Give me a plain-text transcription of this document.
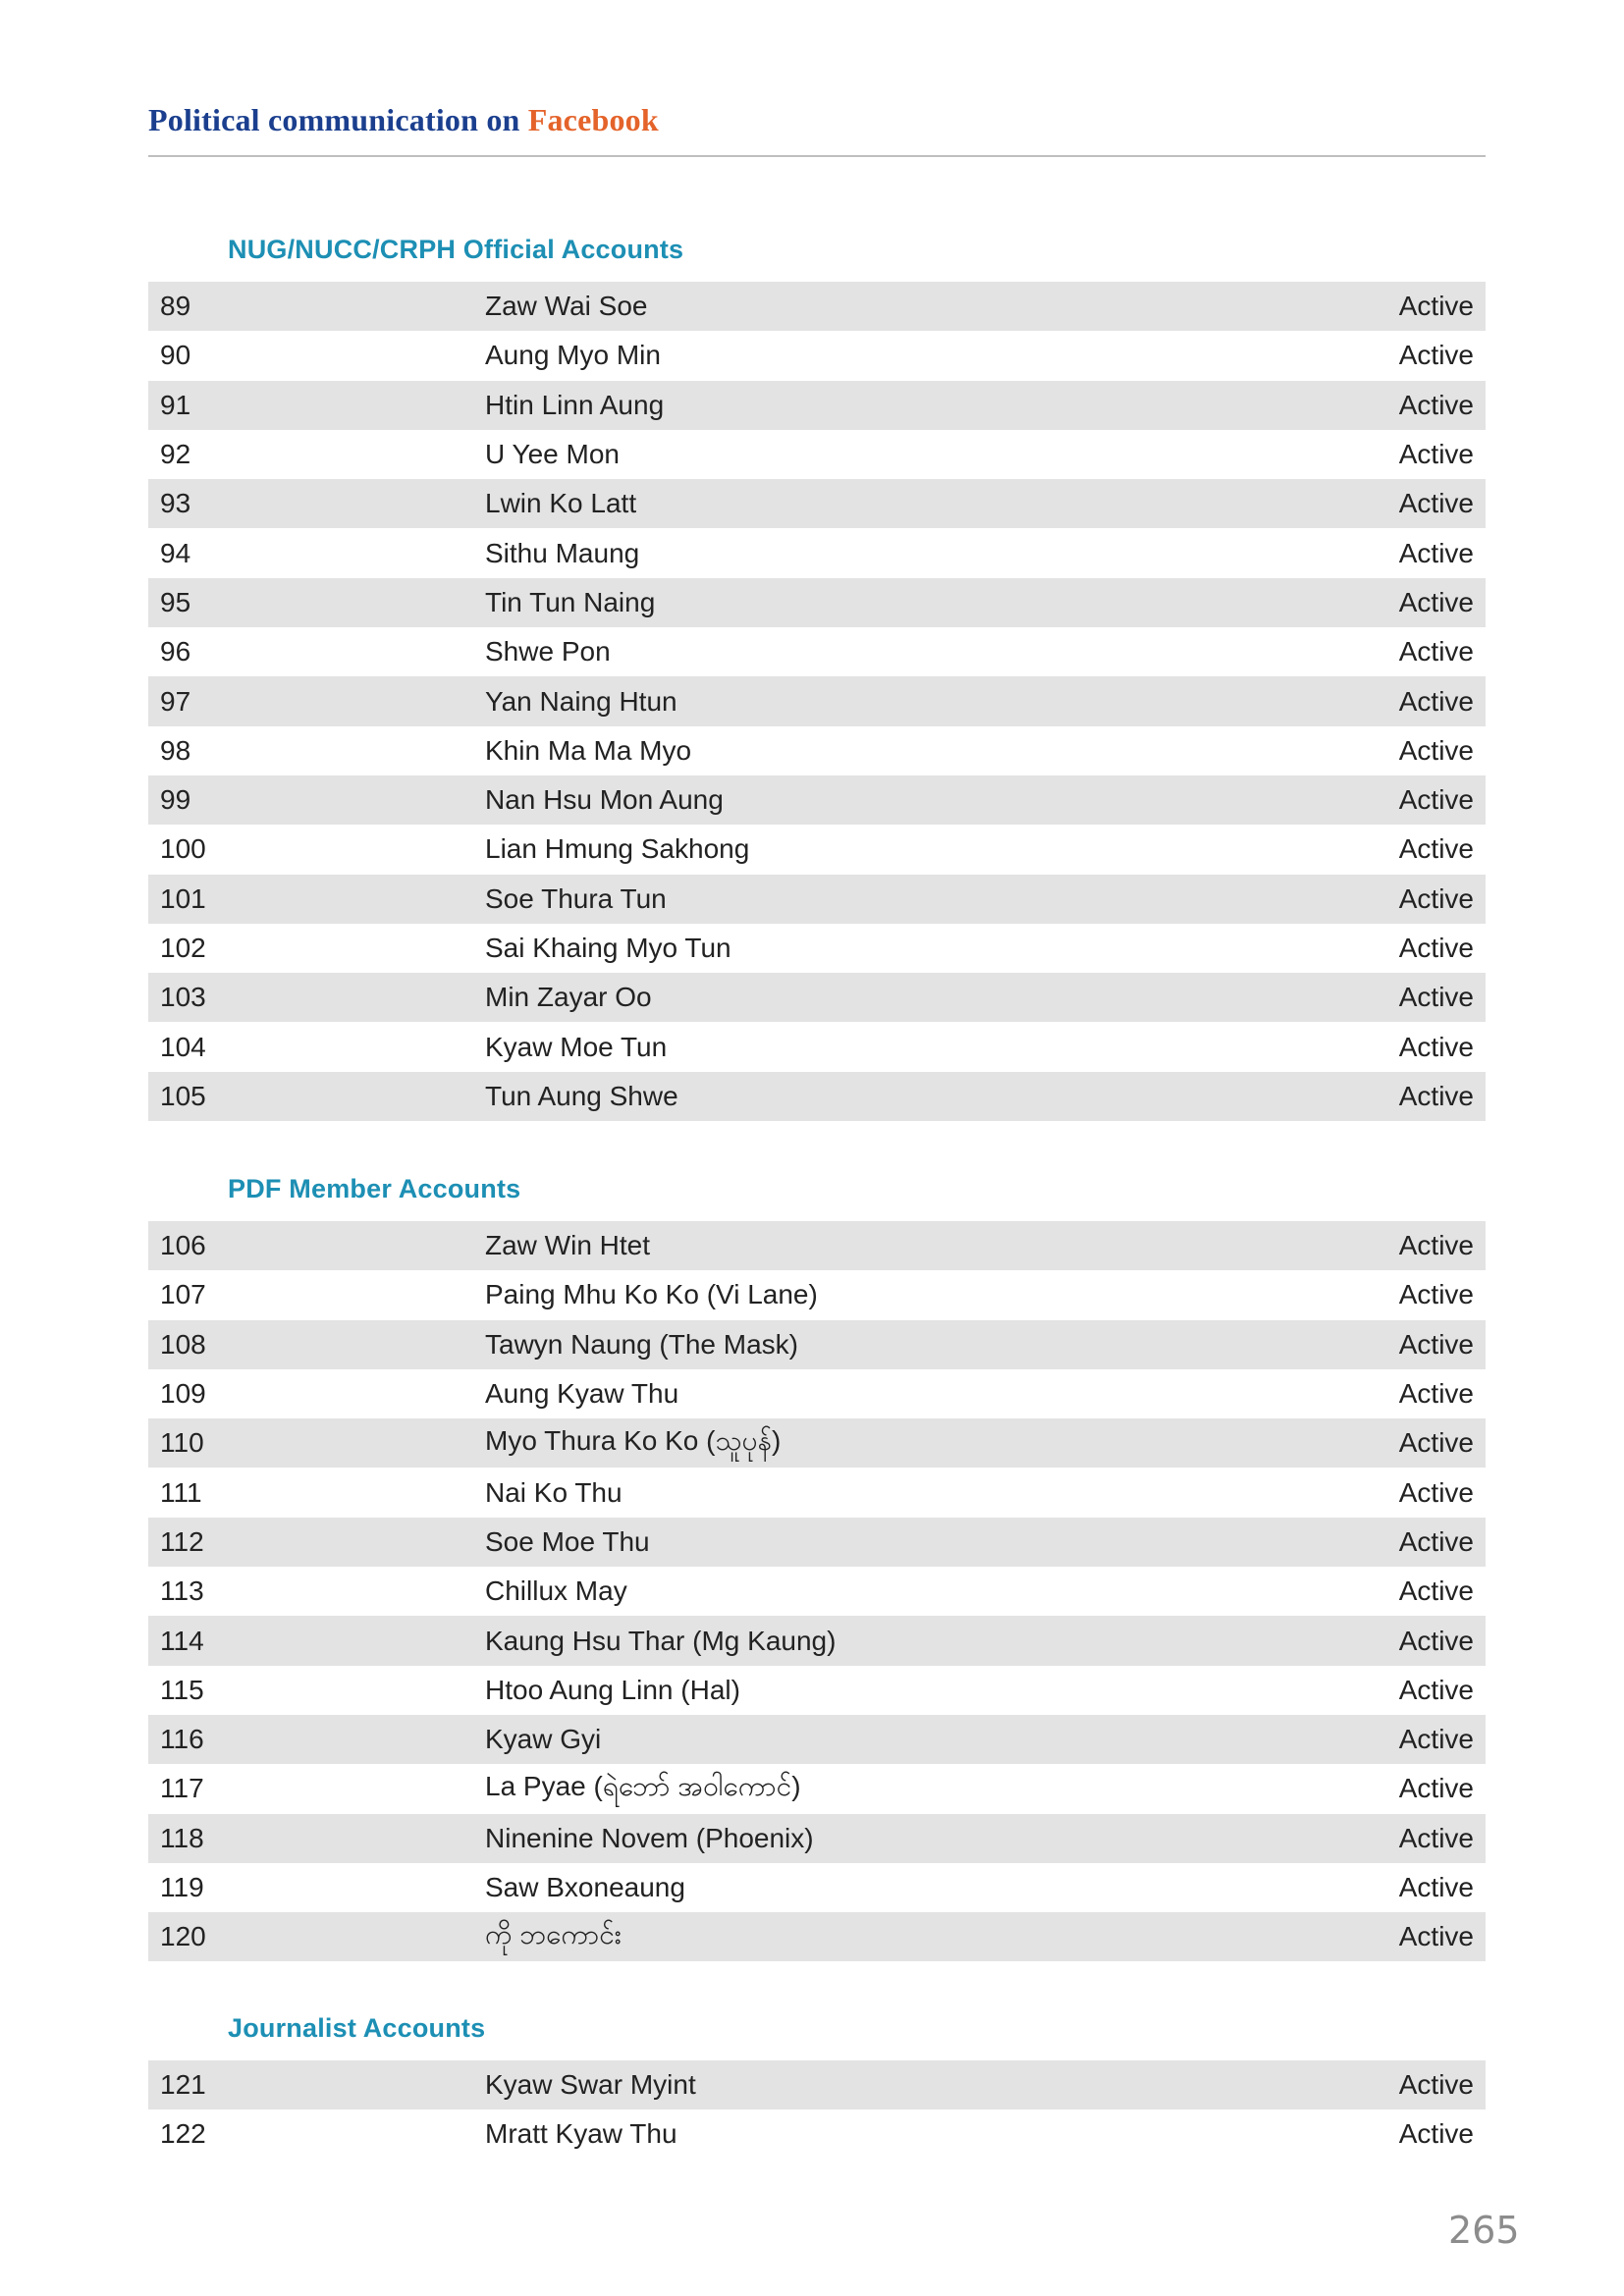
Political communication on Facebook
NUG/NUCC/CRPH Official Accounts
89	Zaw Wai Soe	Active
90	Aung Myo Min	Active
91	Htin Linn Aung	Active
92	U Yee Mon	Active
93	Lwin Ko Latt	Active
94	Sithu Maung	Active
95	Tin Tun Naing	Active
96	Shwe Pon	Active
97	Yan Naing Htun	Active
98	Khin Ma Ma Myo	Active
99	Nan Hsu Mon Aung	Active
100	Lian Hmung Sakhong	Active
101	Soe Thura Tun	Active
102	Sai Khaing Myo Tun	Active
103	Min Zayar Oo	Active
104	Kyaw Moe Tun	Active
105	Tun Aung Shwe	Active
PDF Member Accounts
106	Zaw Win Htet	Active
107	Paing Mhu Ko Ko (Vi Lane)	Active
108	Tawyn Naung (The Mask)	Active
109	Aung Kyaw Thu	Active
110	Myo Thura Ko Ko (သူပုန်)	Active
111	Nai Ko Thu	Active
112	Soe Moe Thu	Active
113	Chillux May	Active
114	Kaung Hsu Thar (Mg Kaung)	Active
115	Htoo Aung Linn (Hal)	Active
116	Kyaw Gyi	Active
117	La Pyae (ရဲဘော် အဝါကောင်)	Active
118	Ninenine Novem (Phoenix)	Active
119	Saw Bxoneaung	Active
120	ကို ဘကောင်း	Active
Journalist Accounts
121	Kyaw Swar Myint	Active
122	Mratt Kyaw Thu	Active
265
